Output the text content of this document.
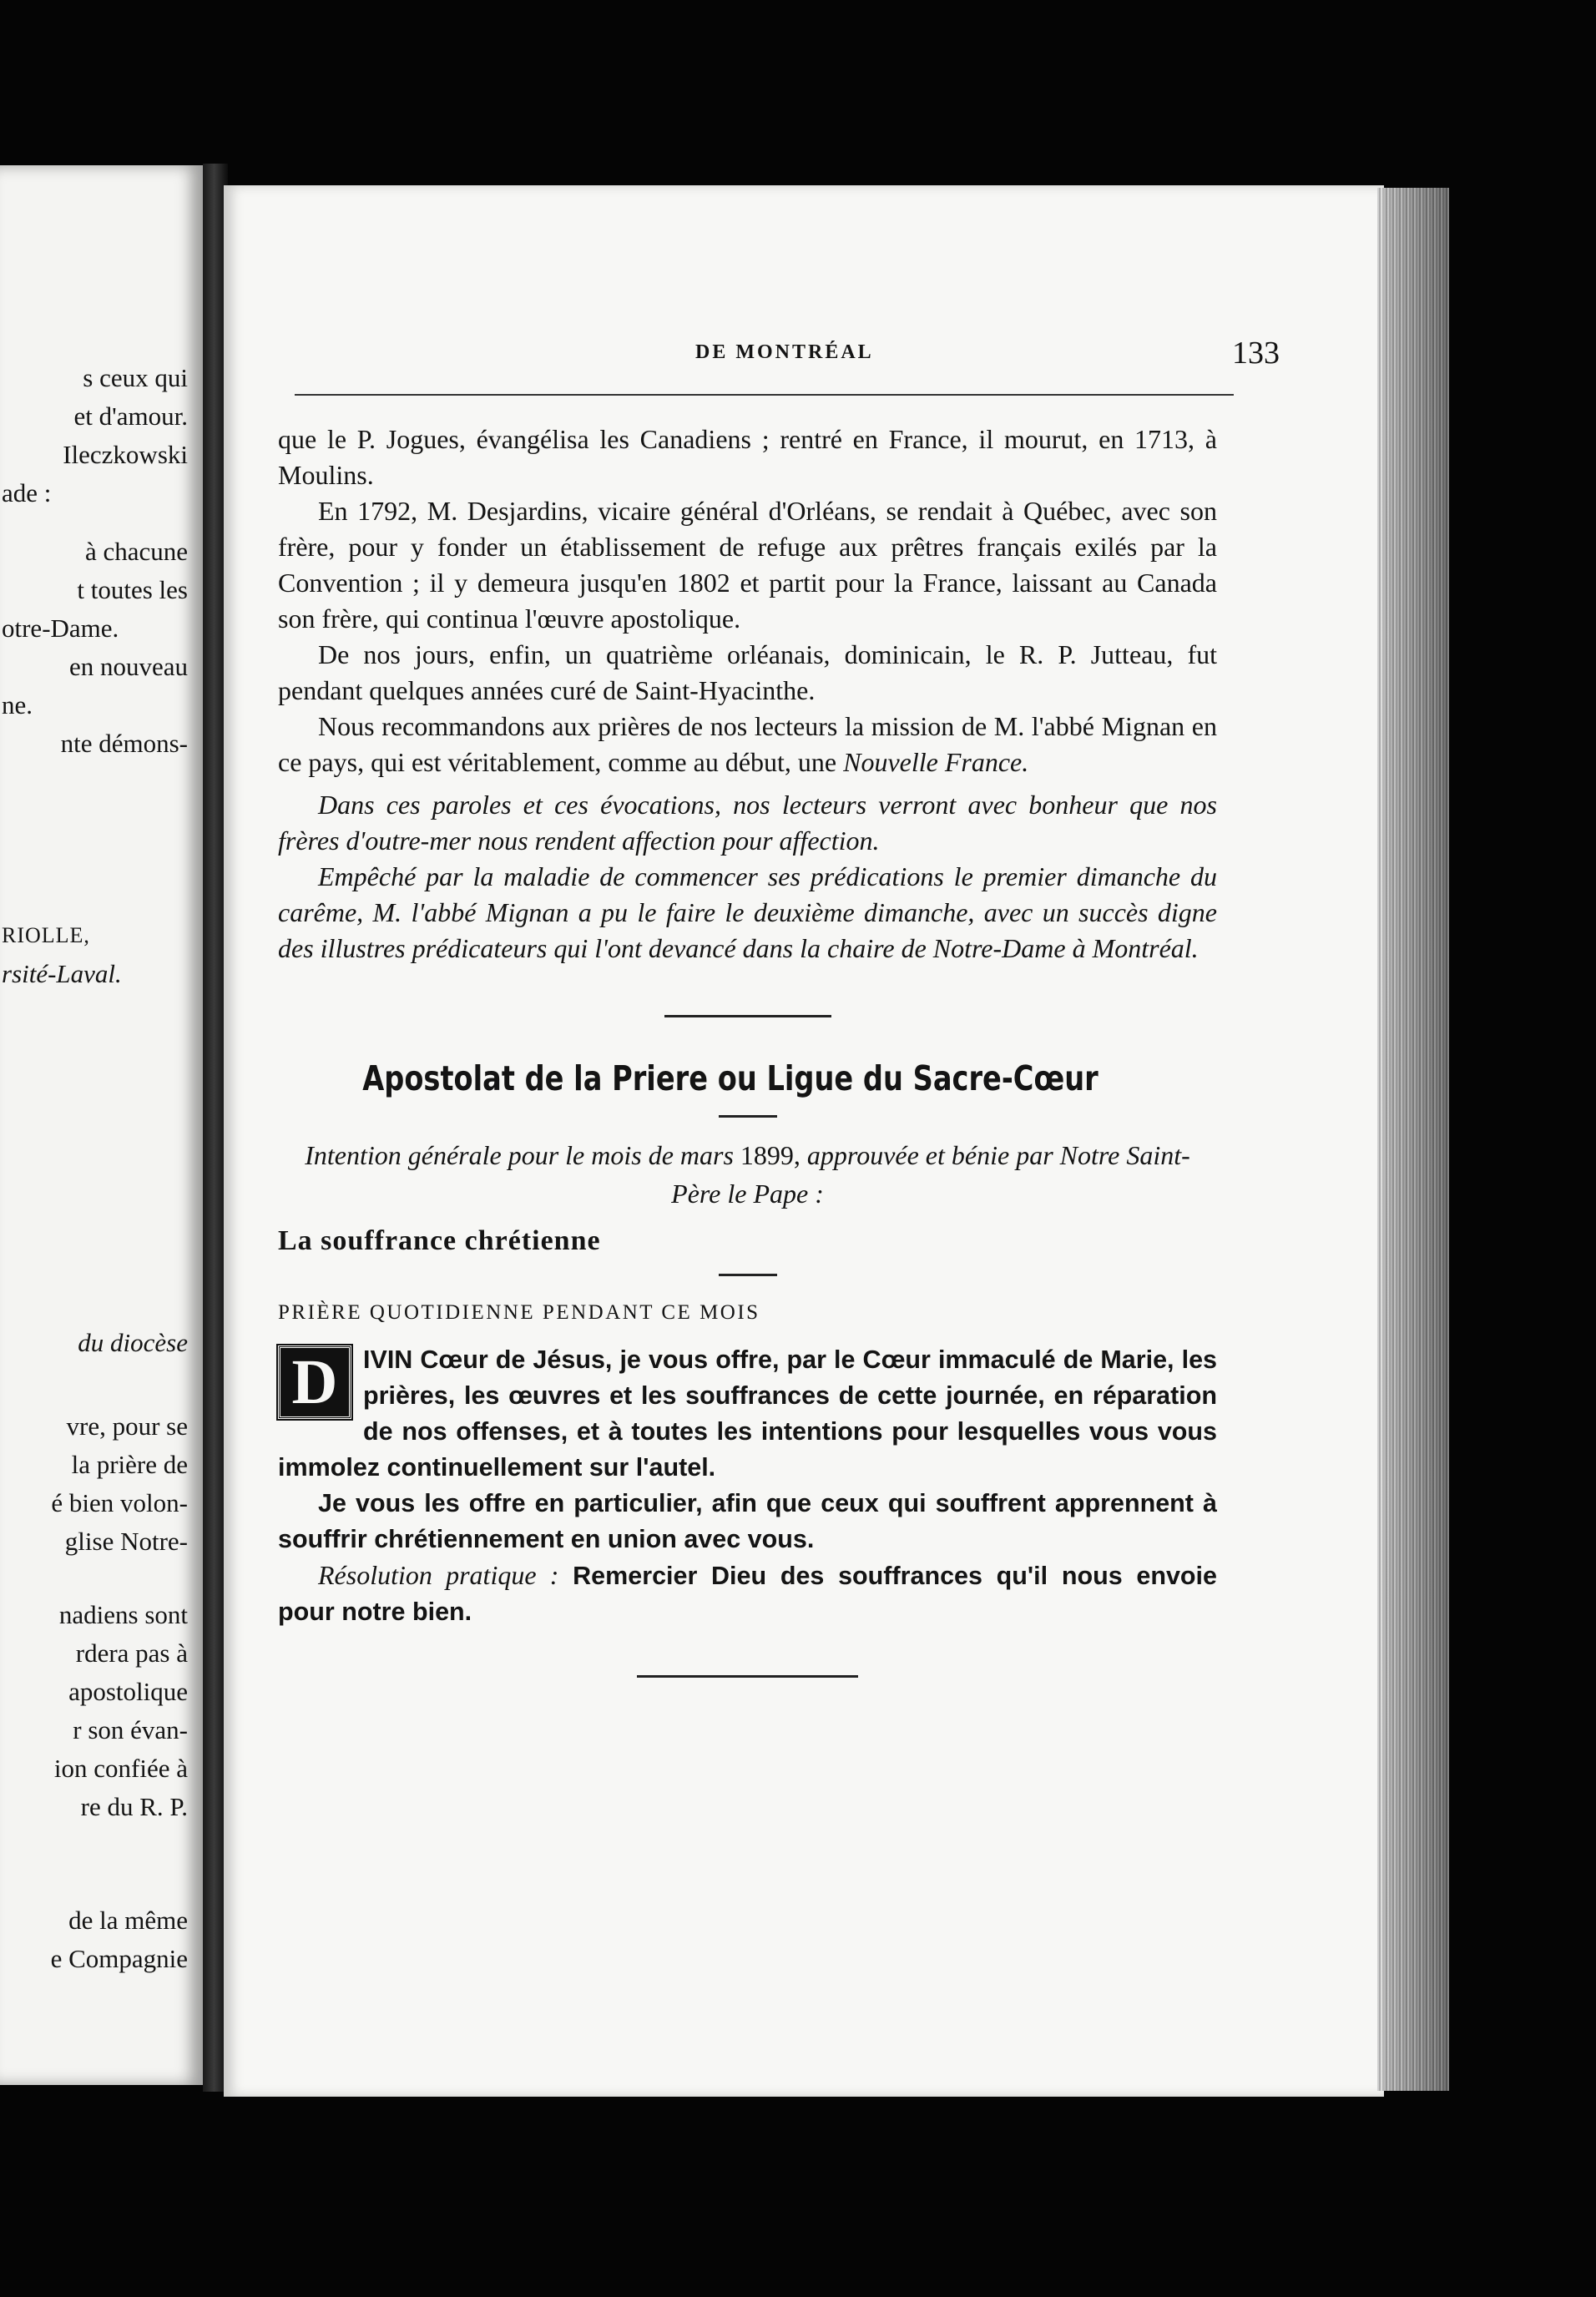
s ceux qui
et d'amour.
Ileczkowski
ade :
à chacune
t toutes les
otre-Dame.
en nouveau
ne.
nte démons-
RIOLLE,
rsité-Laval.
du diocèse
vre, pour se
la prière de
é bien volon-
glise Notre-
nadiens sont
rdera pas à
apostolique
r son évan-
ion confiée à
re du R. P.
de la même
e Compagnie
DE MONTRÉAL	133

que le P. Jogues, évangélisa les Canadiens ; rentré en France, il mourut, en 1713, à Moulins.

En 1792, M. Desjardins, vicaire général d'Orléans, se rendait à Québec, avec son frère, pour y fonder un établissement de refuge aux prêtres français exilés par la Convention ; il y demeura jusqu'en 1802 et partit pour la France, laissant au Canada son frère, qui continua l'œuvre apostolique.

De nos jours, enfin, un quatrième orléanais, dominicain, le R. P. Jutteau, fut pendant quelques années curé de Saint-Hyacinthe.

Nous recommandons aux prières de nos lecteurs la mission de M. l'abbé Mignan en ce pays, qui est véritablement, comme au début, une Nouvelle France.

Dans ces paroles et ces évocations, nos lecteurs verront avec bonheur que nos frères d'outre-mer nous rendent affection pour affection.

Empêché par la maladie de commencer ses prédications le premier dimanche du carême, M. l'abbé Mignan a pu le faire le deuxième dimanche, avec un succès digne des illustres prédicateurs qui l'ont devancé dans la chaire de Notre-Dame à Montréal.

Apostolat de la Priere ou Ligue du Sacre-Cœur

Intention générale pour le mois de mars 1899, approuvée et bénie par Notre Saint-Père le Pape :

La souffrance chrétienne

PRIÈRE QUOTIDIENNE PENDANT CE MOIS

D	IVIN Cœur de Jésus, je vous offre, par le Cœur immaculé de Marie, les prières, les œuvres et les souffrances de cette journée, en réparation de nos offenses, et à toutes les intentions pour lesquelles vous vous immolez continuellement sur l'autel.

Je vous les offre en particulier, afin que ceux qui souffrent apprennent à souffrir chrétiennement en union avec vous.

Résolution pratique : Remercier Dieu des souffrances qu'il nous envoie pour notre bien.
